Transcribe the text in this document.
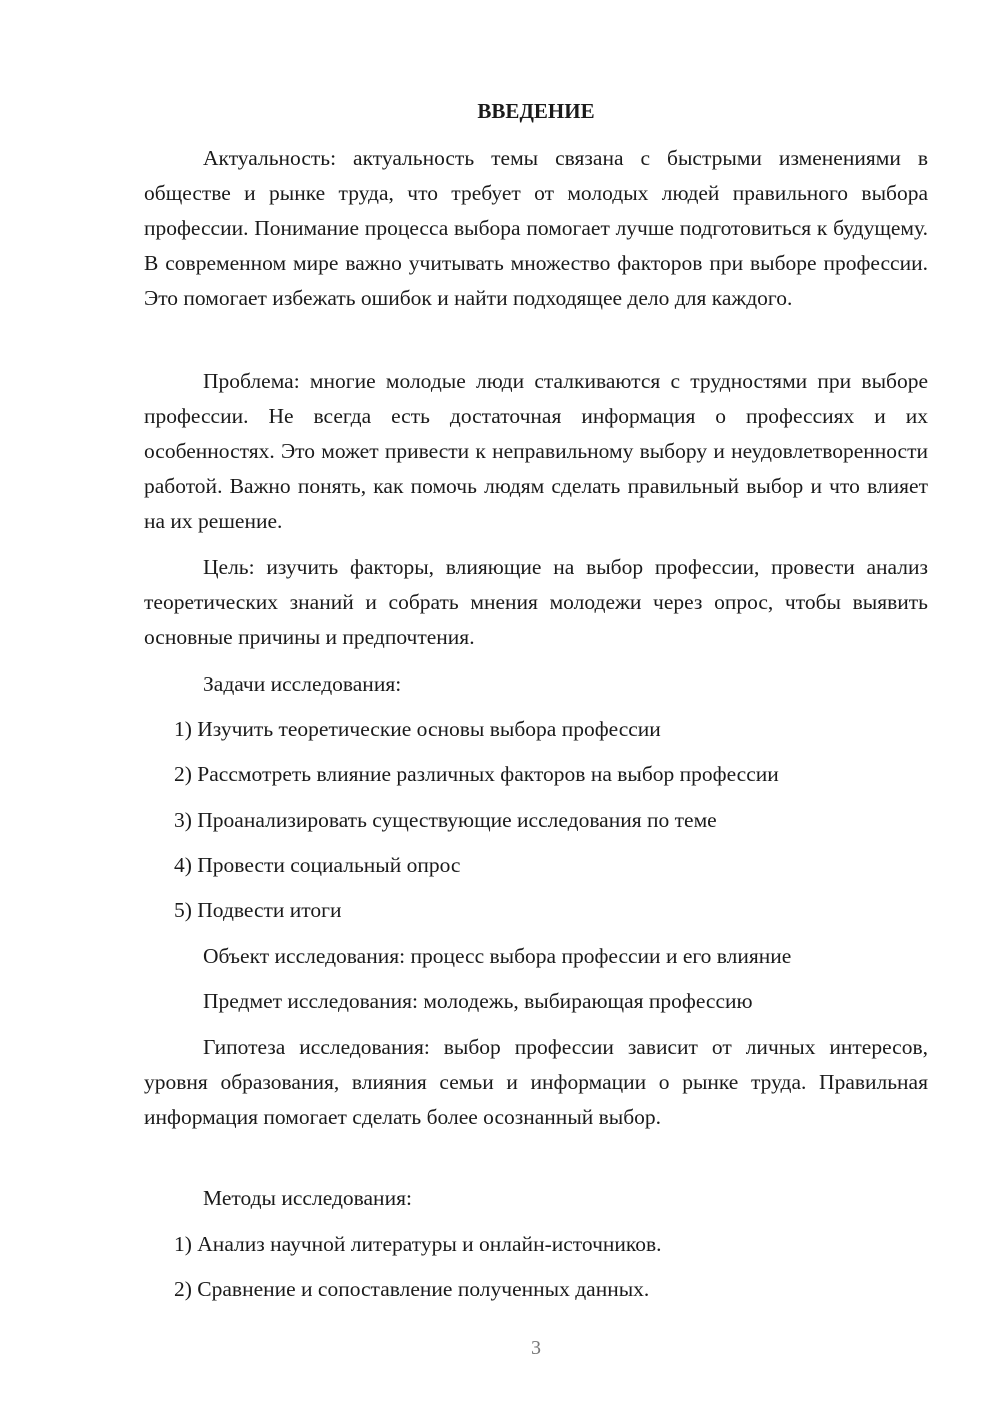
ВВЕДЕНИЕ

Актуальность: актуальность темы связана с быстрыми изменениями в обществе и рынке труда, что требует от молодых людей правильного выбора профессии. Понимание процесса выбора помогает лучше подготовиться к будущему. В современном мире важно учитывать множество факторов при выборе профессии. Это помогает избежать ошибок и найти подходящее дело для каждого.

Проблема: многие молодые люди сталкиваются с трудностями при выборе профессии. Не всегда есть достаточная информация о профессиях и их особенностях. Это может привести к неправильному выбору и неудовлетворенности работой. Важно понять, как помочь людям сделать правильный выбор и что влияет на их решение.

Цель: изучить факторы, влияющие на выбор профессии, провести анализ теоретических знаний и собрать мнения молодежи через опрос, чтобы выявить основные причины и предпочтения.

Задачи исследования:

1) Изучить теоретические основы выбора профессии
2) Рассмотреть влияние различных факторов на выбор профессии
3) Проанализировать существующие исследования по теме
4) Провести социальный опрос
5) Подвести итоги

Объект исследования: процесс выбора профессии и его влияние

Предмет исследования: молодежь, выбирающая профессию

Гипотеза исследования: выбор профессии зависит от личных интересов, уровня образования, влияния семьи и информации о рынке труда. Правильная информация помогает сделать более осознанный выбор.

Методы исследования:

1) Анализ научной литературы и онлайн-источников.
2) Сравнение и сопоставление полученных данных.
3
